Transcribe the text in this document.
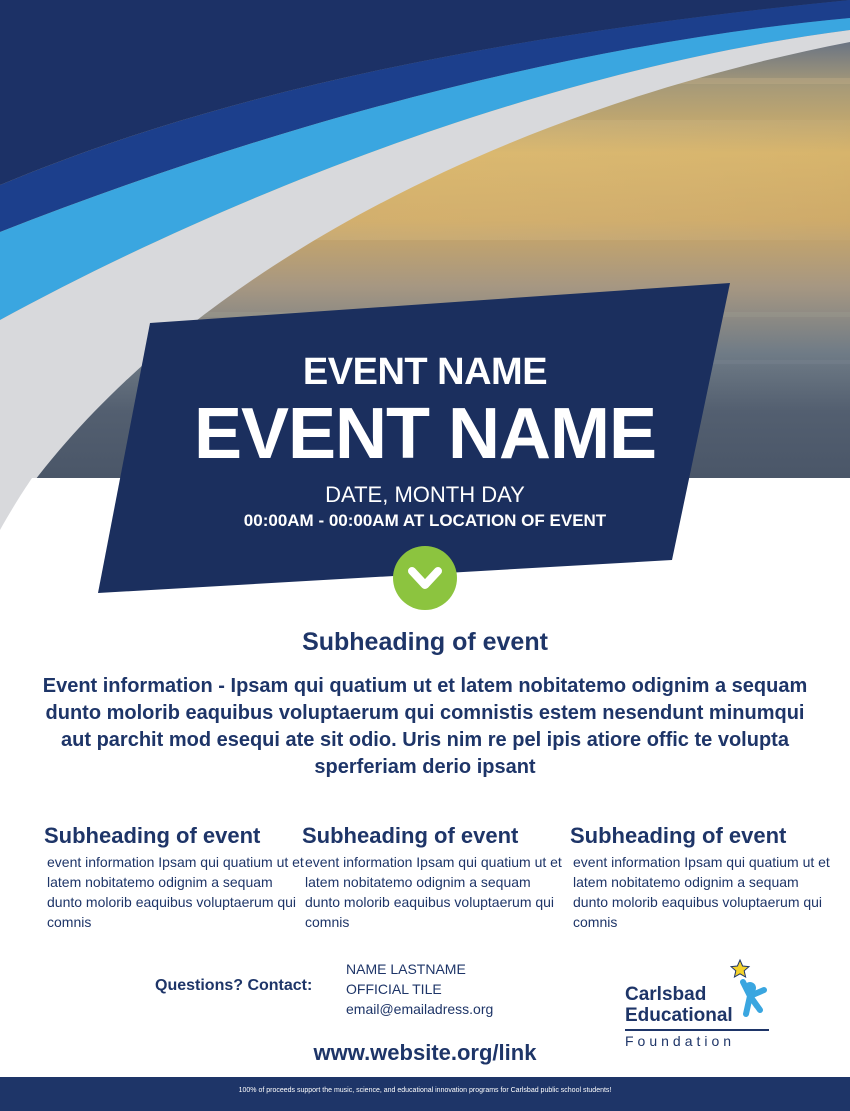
EVENT NAME
EVENT NAME
DATE, MONTH DAY
00:00AM - 00:00AM AT LOCATION OF EVENT
Subheading of event
Event information - Ipsam qui quatium ut et latem nobitatemo odignim a sequam dunto molorib eaquibus voluptaerum qui comnistis estem nesendunt minumqui aut parchit mod esequi ate sit odio. Uris nim re pel ipis atiore offic te volupta sperferiam derio ipsant
Subheading of event

event information Ipsam qui quatium ut et latem nobitatemo odignim a sequam dunto molorib eaquibus voluptaerum qui comnis

Subheading of event

event information Ipsam qui quatium ut et latem nobitatemo odignim a sequam dunto molorib eaquibus voluptaerum qui comnis

Subheading of event

event information Ipsam qui quatium ut et latem nobitatemo odignim a sequam dunto molorib eaquibus voluptaerum qui comnis

Questions? Contact:
NAME LASTNAME
OFFICIAL TILE
email@emailadress.org
www.website.org/link
Carlsbad
Educational
Foundation
100% of proceeds support the music, science, and educational innovation programs for Carlsbad public school students!
